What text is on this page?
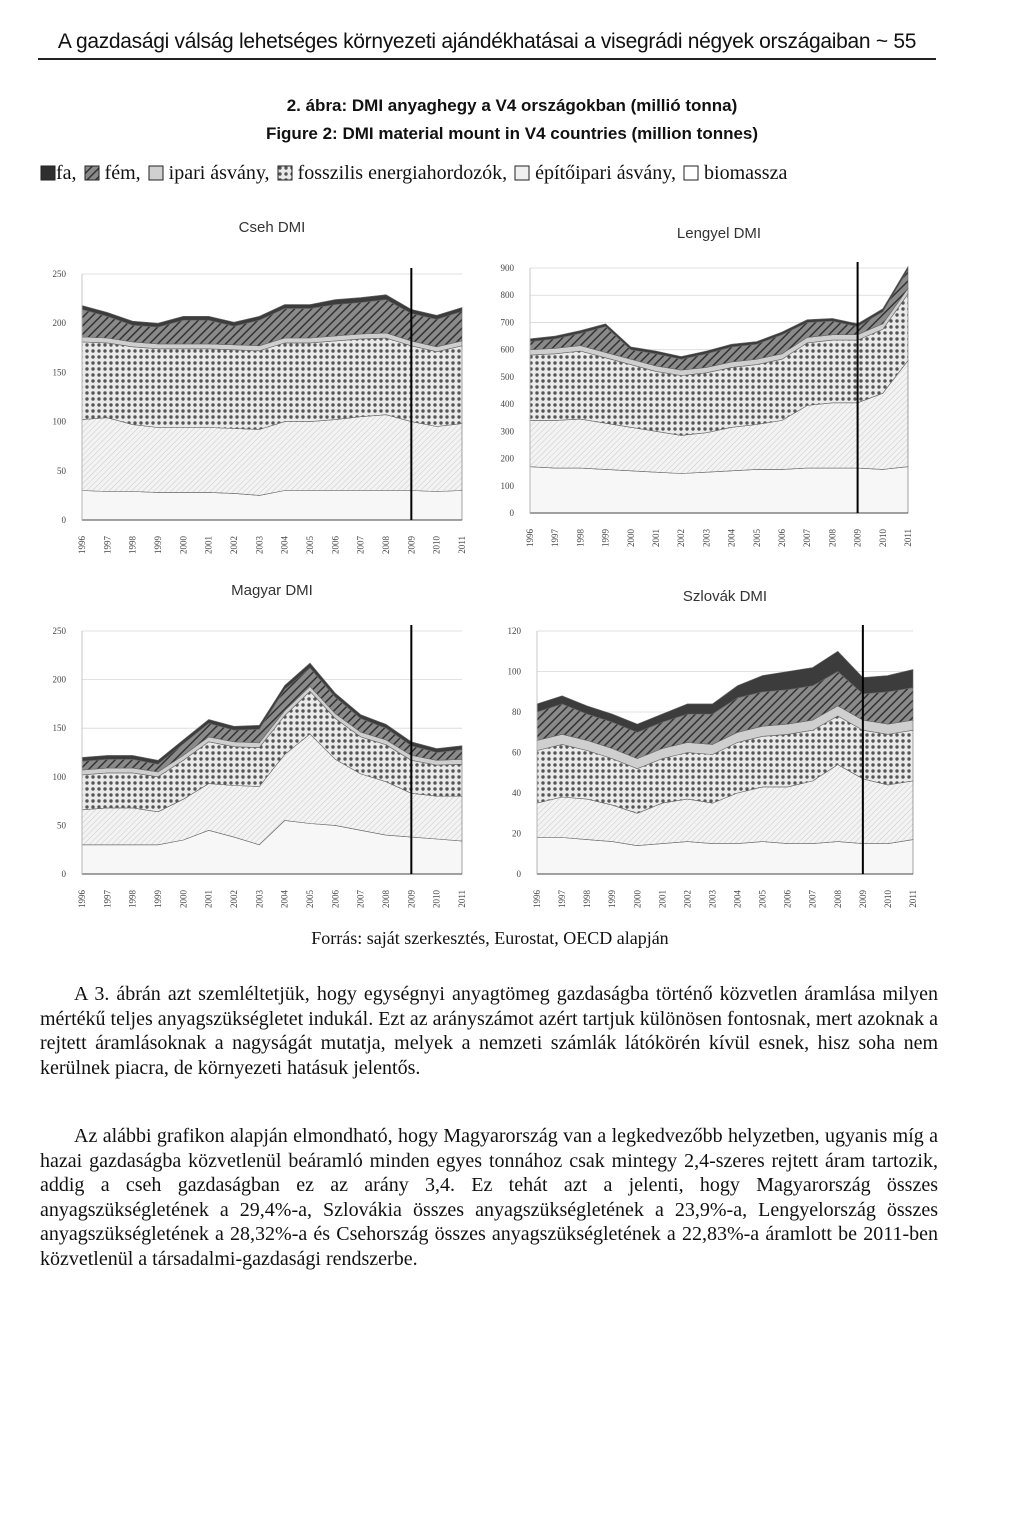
A gazdasági válság lehetséges környezeti ajándékhatásai a visegrádi négyek országaiban ~ 55
2. ábra: DMI anyaghegy a V4 országokban (millió tonna)
Figure 2: DMI material mount in V4 countries (million tonnes)
fa,  fém,  ipari ásvány,  fosszilis energiahordozók,  építőipari ásvány,  biomassza
Cseh DMI
0
50
100
150
200
250
1996 1997 1998 1999 2000 2001 2002 2003 2004 2005 2006 2007 2008 2009 2010 2011
Lengyel DMI
0
100
200
300
400
500
600
700
800
900
1996 1997 1998 1999 2000 2001 2002 2003 2004 2005 2006 2007 2008 2009 2010 2011
Magyar DMI
0
50
100
150
200
250
1996 1997 1998 1999 2000 2001 2002 2003 2004 2005 2006 2007 2008 2009 2010 2011
Szlovák DMI
0
20
40
60
80
100
120
1996 1997 1998 1999 2000 2001 2002 2003 2004 2005 2006 2007 2008 2009 2010 2011
Forrás: saját szerkesztés, Eurostat, OECD alapján

A 3. ábrán azt szemléltetjük, hogy egységnyi anyagtömeg gazdaságba történő közvetlen áramlása milyen mértékű teljes anyagszükségletet indukál. Ezt az arányszámot azért tartjuk különösen fontosnak, mert azoknak a rejtett áramlásoknak a nagyságát mutatja, melyek a nemzeti számlák látókörén kívül esnek, hisz soha nem kerülnek piacra, de környezeti hatásuk jelentős.

Az alábbi grafikon alapján elmondható, hogy Magyarország van a legkedvezőbb helyzetben, ugyanis míg a hazai gazdaságba közvetlenül beáramló minden egyes tonnához csak mintegy 2,4-szeres rejtett áram tartozik, addig a cseh gazdaságban ez az arány 3,4. Ez tehát azt a jelenti, hogy Magyarország összes anyagszükségletének a 29,4%-a, Szlovákia összes anyagszükségletének a 23,9%-a, Lengyelország összes anyagszükségletének a 28,32%-a és Csehország összes anyagszükségletének a 22,83%-a áramlott be 2011-ben közvetlenül a társadalmi-gazdasági rendszerbe.
